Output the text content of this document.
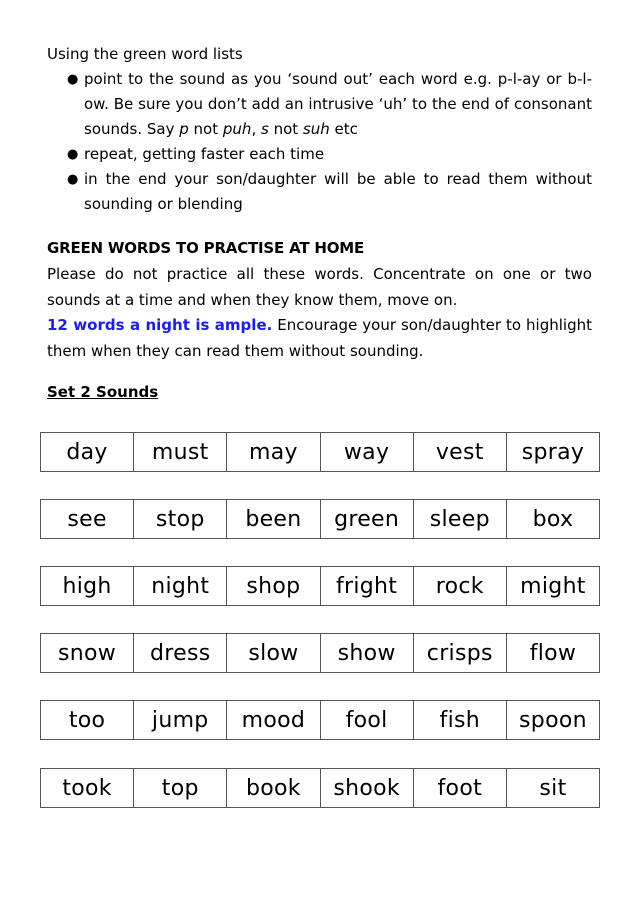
Using the green word lists

● point to the sound as you ‘sound out’ each word e.g. p-l-ay or b-l-ow. Be sure you don’t add an intrusive ‘uh’ to the end of consonant sounds. Say p not puh, s not suh etc
● repeat, getting faster each time
● in the end your son/daughter will be able to read them without sounding or blending
GREEN WORDS TO PRACTISE AT HOME

Please do not practice all these words. Concentrate on one or two sounds at a time and when they know them, move on.
12 words a night is ample. Encourage your son/daughter to highlight them when they can read them without sounding.

Set 2 Sounds
day	must	may	way	vest	spray
see	stop	been	green	sleep	box
high	night	shop	fright	rock	might
snow	dress	slow	show	crisps	flow
too	jump	mood	fool	fish	spoon
took	top	book	shook	foot	sit
